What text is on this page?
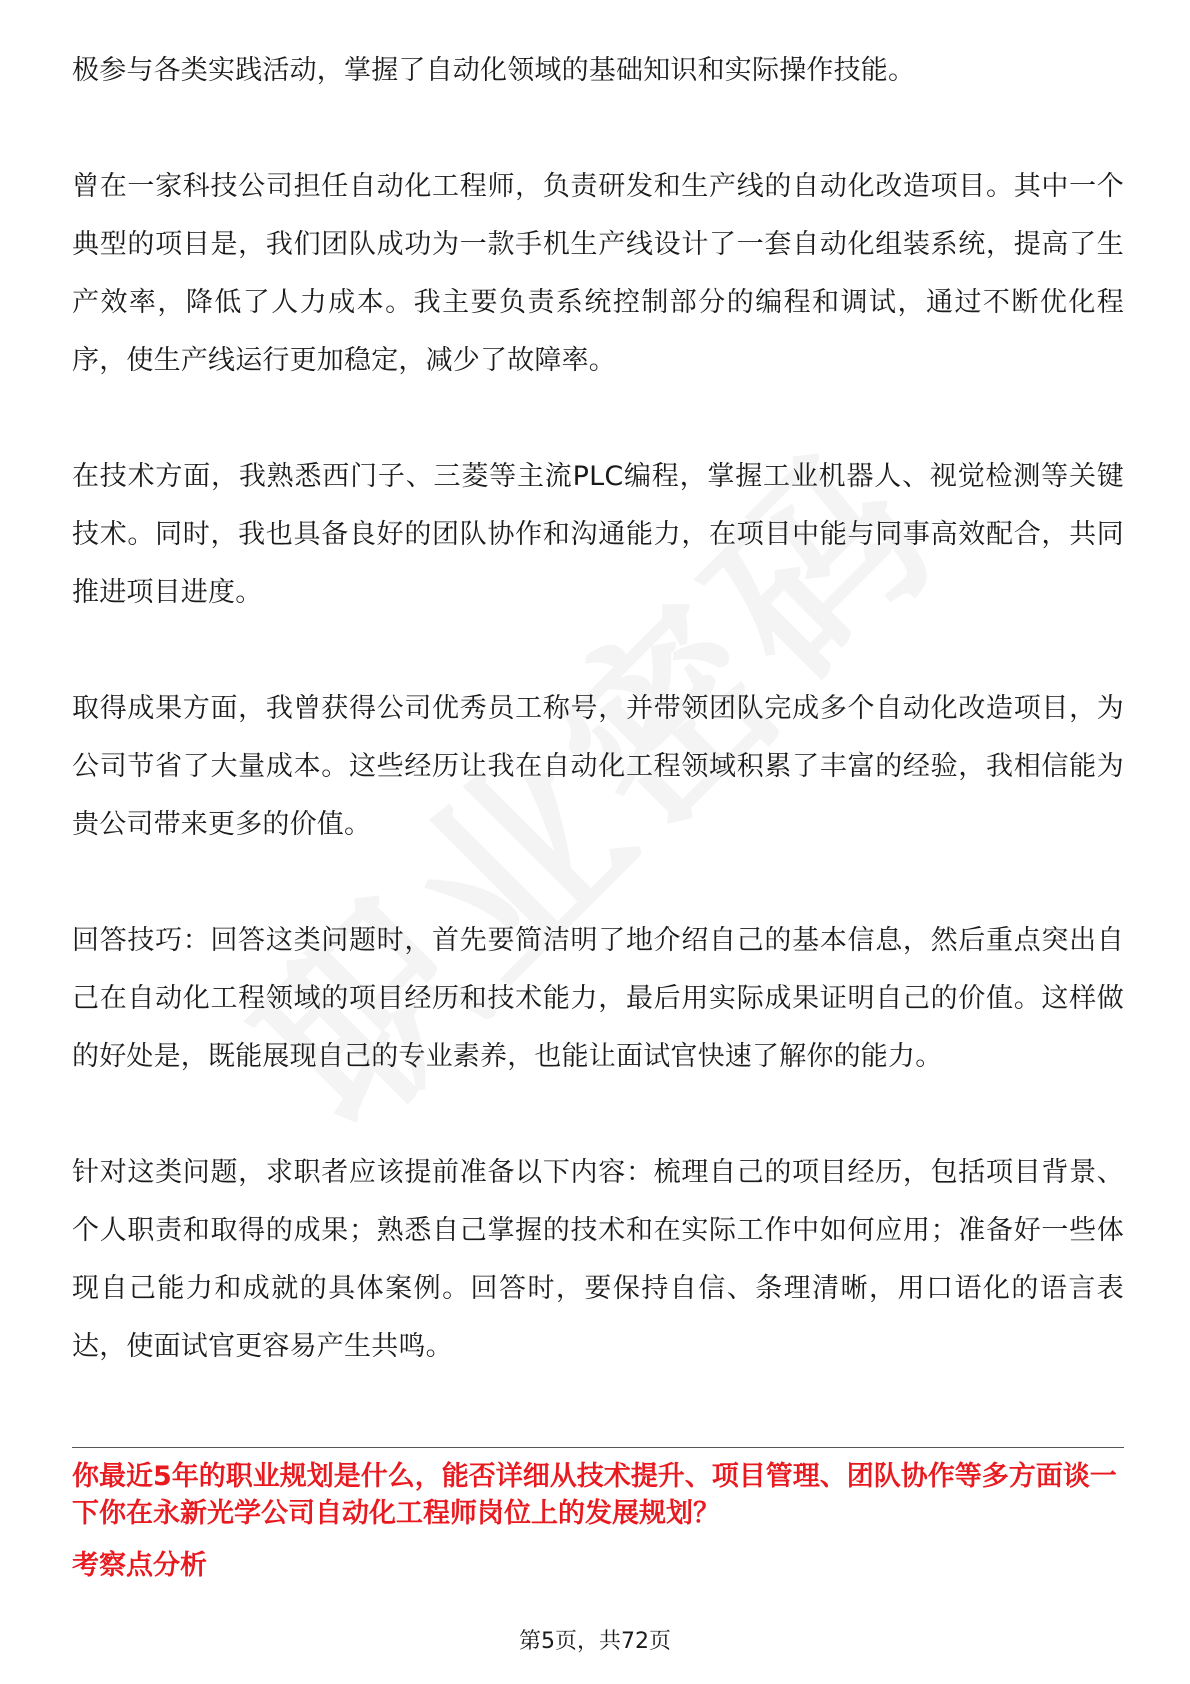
极参与各类实践活动，掌握了自动化领域的基础知识和实际操作技能。

曾在一家科技公司担任自动化工程师，负责研发和生产线的自动化改造项目。其中一个典型的项目是，我们团队成功为一款手机生产线设计了一套自动化组装系统，提高了生产效率，降低了人力成本。我主要负责系统控制部分的编程和调试，通过不断优化程序，使生产线运行更加稳定，减少了故障率。

在技术方面，我熟悉西门子、三菱等主流PLC编程，掌握工业机器人、视觉检测等关键技术。同时，我也具备良好的团队协作和沟通能力，在项目中能与同事高效配合，共同推进项目进度。

取得成果方面，我曾获得公司优秀员工称号，并带领团队完成多个自动化改造项目，为公司节省了大量成本。这些经历让我在自动化工程领域积累了丰富的经验，我相信能为贵公司带来更多的价值。

回答技巧：回答这类问题时，首先要简洁明了地介绍自己的基本信息，然后重点突出自己在自动化工程领域的项目经历和技术能力，最后用实际成果证明自己的价值。这样做的好处是，既能展现自己的专业素养，也能让面试官快速了解你的能力。

针对这类问题，求职者应该提前准备以下内容：梳理自己的项目经历，包括项目背景、个人职责和取得的成果；熟悉自己掌握的技术和在实际工作中如何应用；准备好一些体现自己能力和成就的具体案例。回答时，要保持自信、条理清晰，用口语化的语言表达，使面试官更容易产生共鸣。

你最近5年的职业规划是什么，能否详细从技术提升、项目管理、团队协作等多方面谈一下你在永新光学公司自动化工程师岗位上的发展规划？
考察点分析
第5页，共72页
